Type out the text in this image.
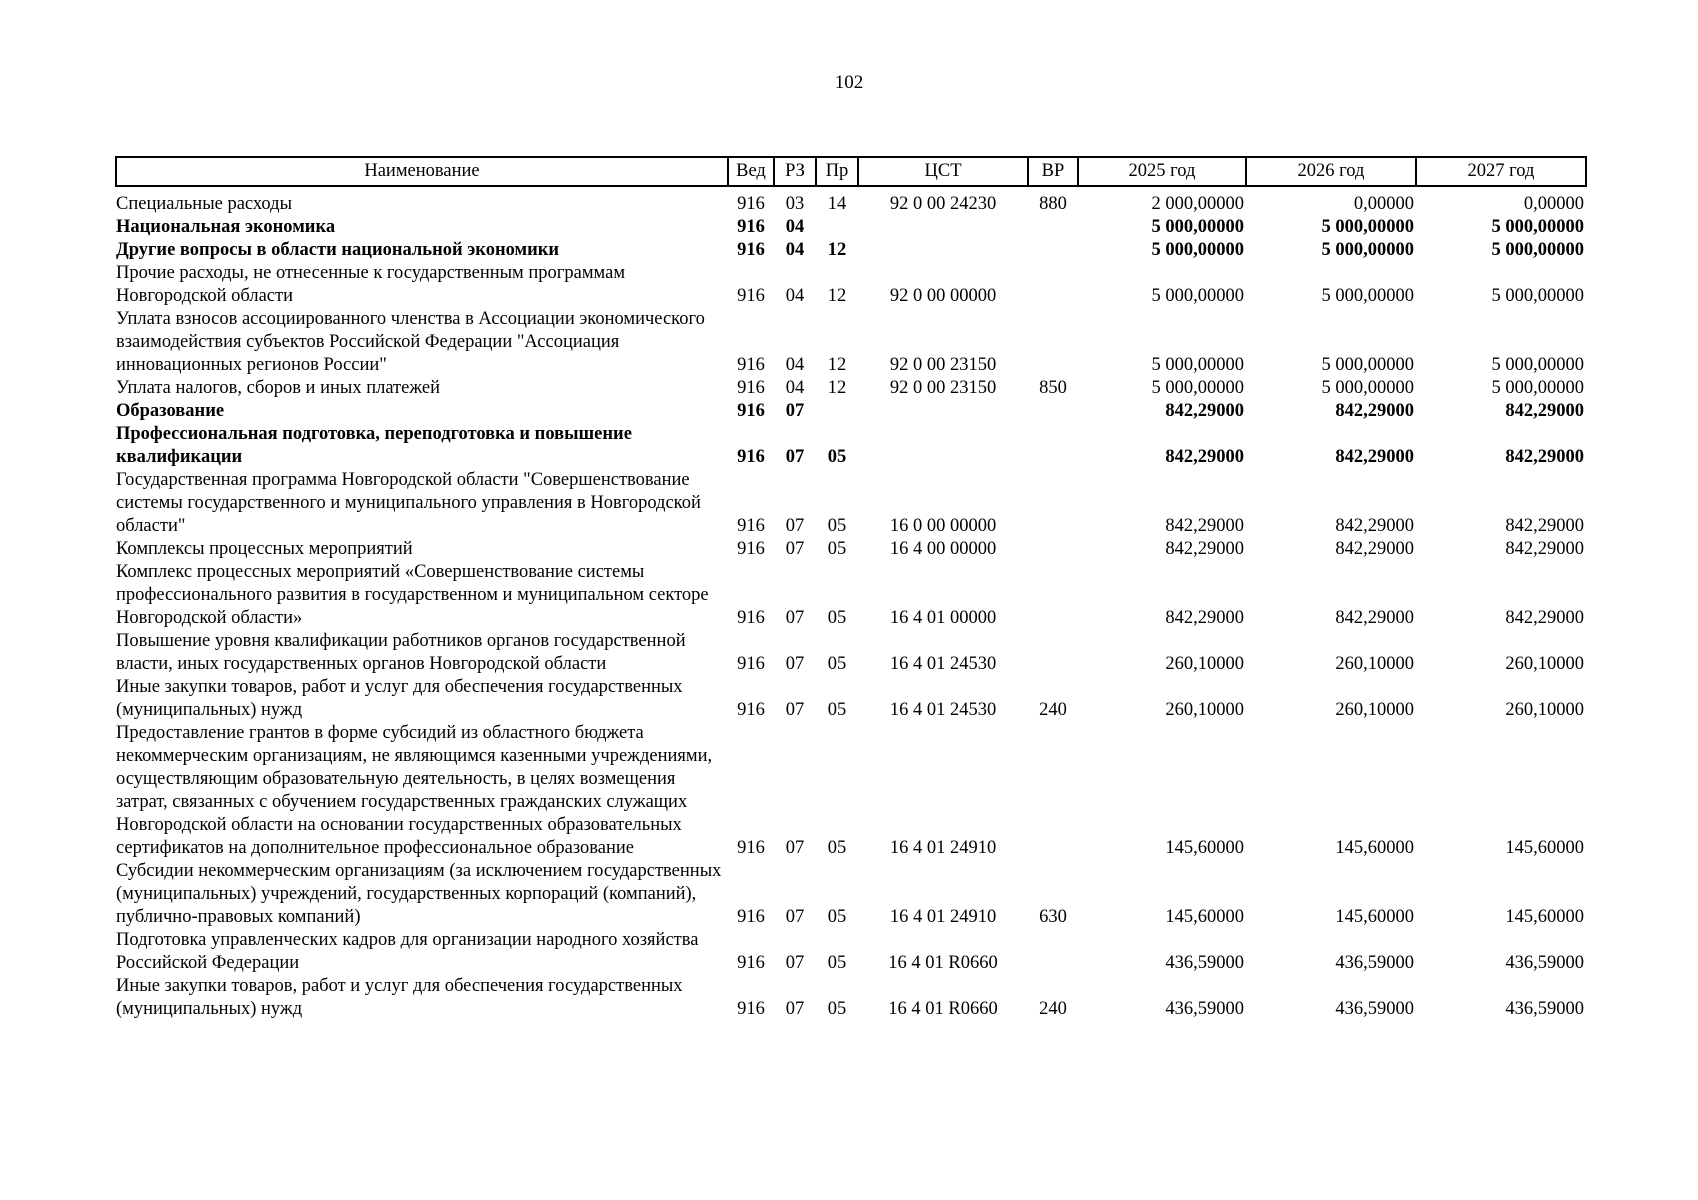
102
Наименование	Вед	РЗ	Пр	ЦСТ	ВР	2025 год	2026 год	2027 год
Специальные расходы	916	03	14	92 0 00 24230	880	2 000,00000	0,00000	0,00000
Национальная экономика	916	04				5 000,00000	5 000,00000	5 000,00000
Другие вопросы в области национальной экономики	916	04	12			5 000,00000	5 000,00000	5 000,00000
Прочие расходы, не отнесенные к государственным программам Новгородской области	916	04	12	92 0 00 00000		5 000,00000	5 000,00000	5 000,00000
Уплата взносов ассоциированного членства в Ассоциации экономического взаимодействия субъектов Российской Федерации "Ассоциация инновационных регионов России"	916	04	12	92 0 00 23150		5 000,00000	5 000,00000	5 000,00000
Уплата налогов, сборов и иных платежей	916	04	12	92 0 00 23150	850	5 000,00000	5 000,00000	5 000,00000
Образование	916	07				842,29000	842,29000	842,29000
Профессиональная подготовка, переподготовка и повышение квалификации	916	07	05			842,29000	842,29000	842,29000
Государственная программа Новгородской области "Совершенствование системы государственного и муниципального управления в Новгородской области"	916	07	05	16 0 00 00000		842,29000	842,29000	842,29000
Комплексы процессных мероприятий	916	07	05	16 4 00 00000		842,29000	842,29000	842,29000
Комплекс процессных мероприятий «Совершенствование системы профессионального развития в государственном и муниципальном секторе Новгородской области»	916	07	05	16 4 01 00000		842,29000	842,29000	842,29000
Повышение уровня квалификации работников органов государственной власти, иных государственных органов Новгородской области	916	07	05	16 4 01 24530		260,10000	260,10000	260,10000
Иные закупки товаров, работ и услуг для обеспечения государственных (муниципальных) нужд	916	07	05	16 4 01 24530	240	260,10000	260,10000	260,10000
Предоставление грантов в форме субсидий из областного бюджета некоммерческим организациям, не являющимся казенными учреждениями, осуществляющим образовательную деятельность, в целях возмещения затрат, связанных с обучением государственных гражданских служащих Новгородской области на основании государственных образовательных сертификатов на дополнительное профессиональное образование	916	07	05	16 4 01 24910		145,60000	145,60000	145,60000
Субсидии некоммерческим организациям (за исключением государственных (муниципальных) учреждений, государственных корпораций (компаний), публично-правовых компаний)	916	07	05	16 4 01 24910	630	145,60000	145,60000	145,60000
Подготовка управленческих кадров для организации народного хозяйства Российской Федерации	916	07	05	16 4 01 R0660		436,59000	436,59000	436,59000
Иные закупки товаров, работ и услуг для обеспечения государственных (муниципальных) нужд	916	07	05	16 4 01 R0660	240	436,59000	436,59000	436,59000
